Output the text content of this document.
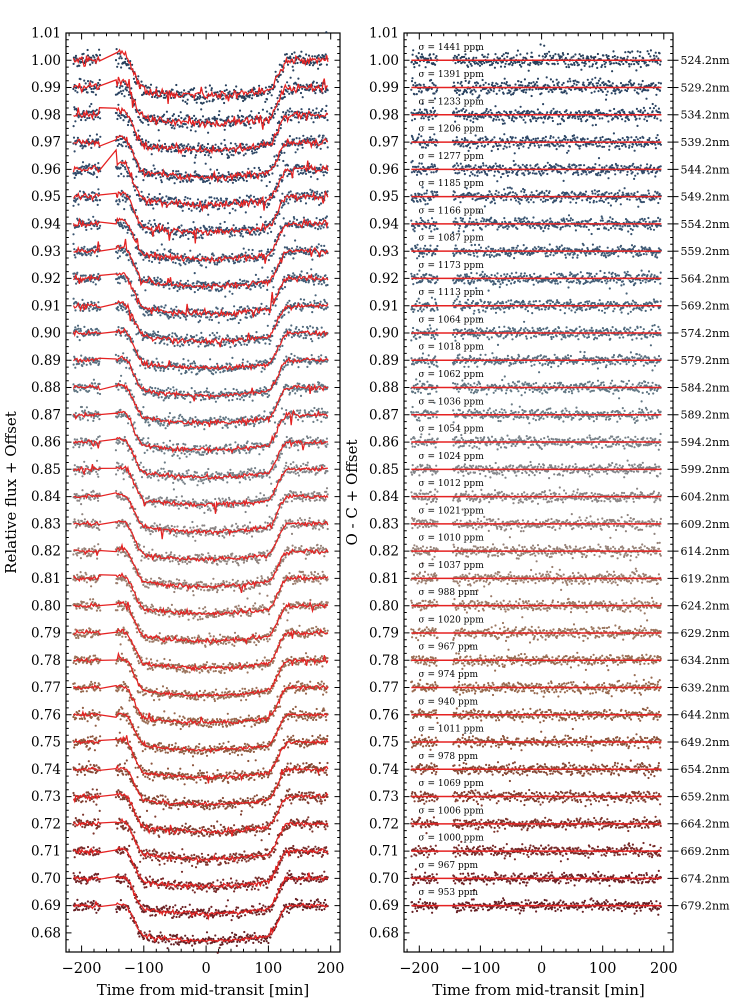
−200 −100	0	100 200
1.01
1.00
0.99
0.98
0.97
0.96
0.95
0.94
0.93
0.92
0.91
0.90
0.89
0.88
0.87
0.86
0.85
0.84
0.83
0.82
0.81
0.80
0.79
0.78
0.77
0.76
0.75
0.74
0.73
0.72
0.71
0.70
0.69
0.68
Time from mid-transit [min]
Relative flux + Offset
−200 −100	0	100 200
1.01
1.00
0.99
0.98
0.97
0.96
0.95
0.94
0.93
0.92
0.91
0.90
0.89
0.88
0.87
0.86
0.85
0.84
0.83
0.82
0.81
0.80
0.79
0.78
0.77
0.76
0.75
0.74
0.73
0.72
0.71
0.70
0.69
0.68
Time from mid-transit [min]
O - C + Offset
σ = 1441 ppm
524.2nm
σ = 1391 ppm
529.2nm
σ = 1233 ppm
534.2nm
σ = 1206 ppm
539.2nm
σ = 1277 ppm
544.2nm
σ = 1185 ppm
549.2nm
σ = 1166 ppm
554.2nm
σ = 1087 ppm
559.2nm
σ = 1173 ppm
564.2nm
σ = 1113 ppm
569.2nm
σ = 1064 ppm
574.2nm
σ = 1018 ppm
579.2nm
σ = 1062 ppm
584.2nm
σ = 1036 ppm
589.2nm
σ = 1054 ppm
594.2nm
σ = 1024 ppm
599.2nm
σ = 1012 ppm
604.2nm
σ = 1021 ppm
609.2nm
σ = 1010 ppm
614.2nm
σ = 1037 ppm
619.2nm
σ = 988 ppm
624.2nm
σ = 1020 ppm
629.2nm
σ = 967 ppm
634.2nm
σ = 974 ppm
639.2nm
σ = 940 ppm
644.2nm
σ = 1011 ppm
649.2nm
σ = 978 ppm
654.2nm
σ = 1069 ppm
659.2nm
σ = 1006 ppm
664.2nm
σ = 1000 ppm
669.2nm
σ = 967 ppm
674.2nm
σ = 953 ppm
679.2nm
